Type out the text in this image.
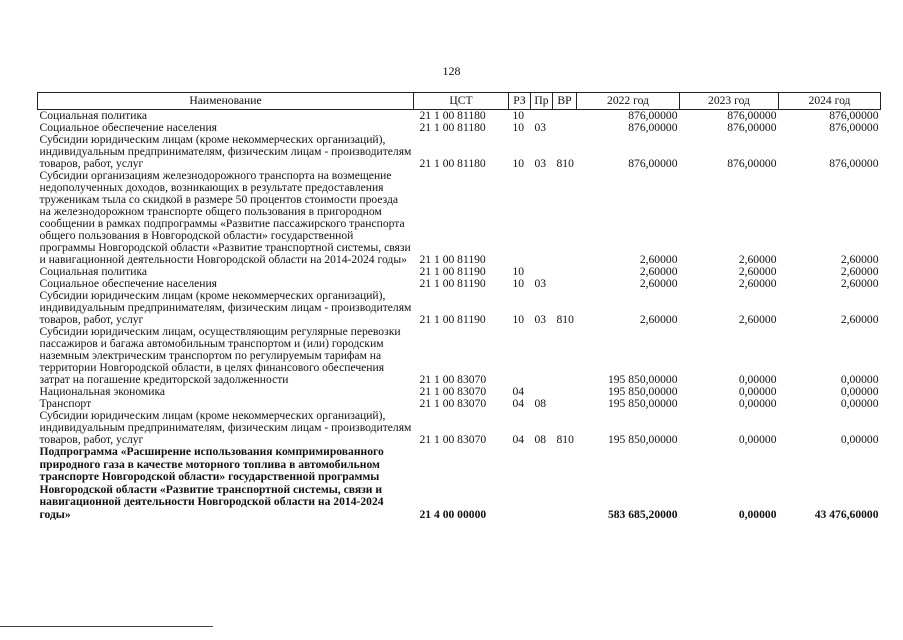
128
Наименование	ЦСТ	РЗ	Пр	ВР	2022 год	2023 год	2024 год
Социальная политика	21 1 00 81180	10			876,00000	876,00000	876,00000
Социальное обеспечение населения	21 1 00 81180	10	03		876,00000	876,00000	876,00000
Субсидии юридическим лицам (кроме некоммерческих организаций), индивидуальным предпринимателям, физическим лицам - производителям товаров, работ, услуг	21 1 00 81180	10	03	810	876,00000	876,00000	876,00000
Субсидии организациям железнодорожного транспорта на возмещение недополученных доходов, возникающих в результате предоставления труженикам тыла со скидкой в размере 50 процентов стоимости проезда на железнодорожном транспорте общего пользования в пригородном сообщении в рамках подпрограммы «Развитие пассажирского транспорта общего пользования в Новгородской области» государственной программы Новгородской области «Развитие транспортной системы, связи и навигационной деятельности Новгородской области на 2014-2024 годы»	21 1 00 81190				2,60000	2,60000	2,60000
Социальная политика	21 1 00 81190	10			2,60000	2,60000	2,60000
Социальное обеспечение населения	21 1 00 81190	10	03		2,60000	2,60000	2,60000
Субсидии юридическим лицам (кроме некоммерческих организаций), индивидуальным предпринимателям, физическим лицам - производителям товаров, работ, услуг	21 1 00 81190	10	03	810	2,60000	2,60000	2,60000
Субсидии юридическим лицам, осуществляющим регулярные перевозки пассажиров и багажа автомобильным транспортом и (или) городским наземным электрическим транспортом по регулируемым тарифам на территории Новгородской области, в целях финансового обеспечения затрат на погашение кредиторской задолженности	21 1 00 83070				195 850,00000	0,00000	0,00000
Национальная экономика	21 1 00 83070	04			195 850,00000	0,00000	0,00000
Транспорт	21 1 00 83070	04	08		195 850,00000	0,00000	0,00000
Субсидии юридическим лицам (кроме некоммерческих организаций), индивидуальным предпринимателям, физическим лицам - производителям товаров, работ, услуг	21 1 00 83070	04	08	810	195 850,00000	0,00000	0,00000
Подпрограмма «Расширение использования компримированного природного газа в качестве моторного топлива в автомобильном транспорте Новгородской области» государственной программы Новгородской области «Развитие транспортной системы, связи и навигационной деятельности Новгородской области на 2014-2024 годы»	21 4 00 00000				583 685,20000	0,00000	43 476,60000
